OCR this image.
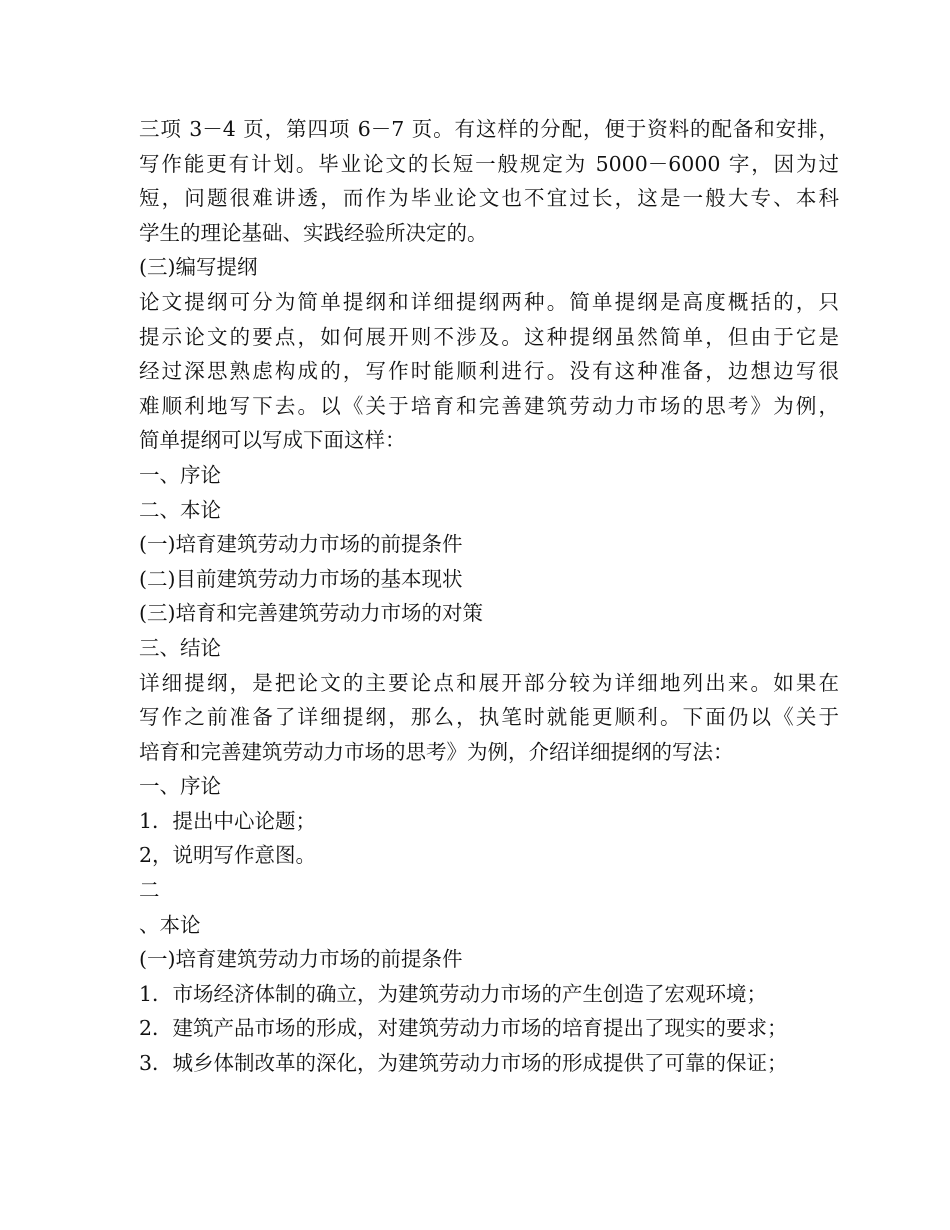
三项 3－4 页，第四项 6－7 页。有这样的分配，便于资料的配备和安排，
写作能更有计划。毕业论文的长短一般规定为 5000－6000 字，因为过
短，问题很难讲透，而作为毕业论文也不宜过长，这是一般大专、本科
学生的理论基础、实践经验所决定的。
(三)编写提纲
论文提纲可分为简单提纲和详细提纲两种。简单提纲是高度概括的，只
提示论文的要点，如何展开则不涉及。这种提纲虽然简单，但由于它是
经过深思熟虑构成的，写作时能顺利进行。没有这种准备，边想边写很
难顺利地写下去。以《关于培育和完善建筑劳动力市场的思考》为例，
简单提纲可以写成下面这样：
一、序论
二、本论
(一)培育建筑劳动力市场的前提条件
(二)目前建筑劳动力市场的基本现状
(三)培育和完善建筑劳动力市场的对策
三、结论
详细提纲，是把论文的主要论点和展开部分较为详细地列出来。如果在
写作之前准备了详细提纲，那么，执笔时就能更顺利。下面仍以《关于
培育和完善建筑劳动力市场的思考》为例，介绍详细提纲的写法：
一、序论
1．提出中心论题；
2，说明写作意图。
二
、本论
(一)培育建筑劳动力市场的前提条件
1．市场经济体制的确立，为建筑劳动力市场的产生创造了宏观环境；
2．建筑产品市场的形成，对建筑劳动力市场的培育提出了现实的要求；
3．城乡体制改革的深化，为建筑劳动力市场的形成提供了可靠的保证；
